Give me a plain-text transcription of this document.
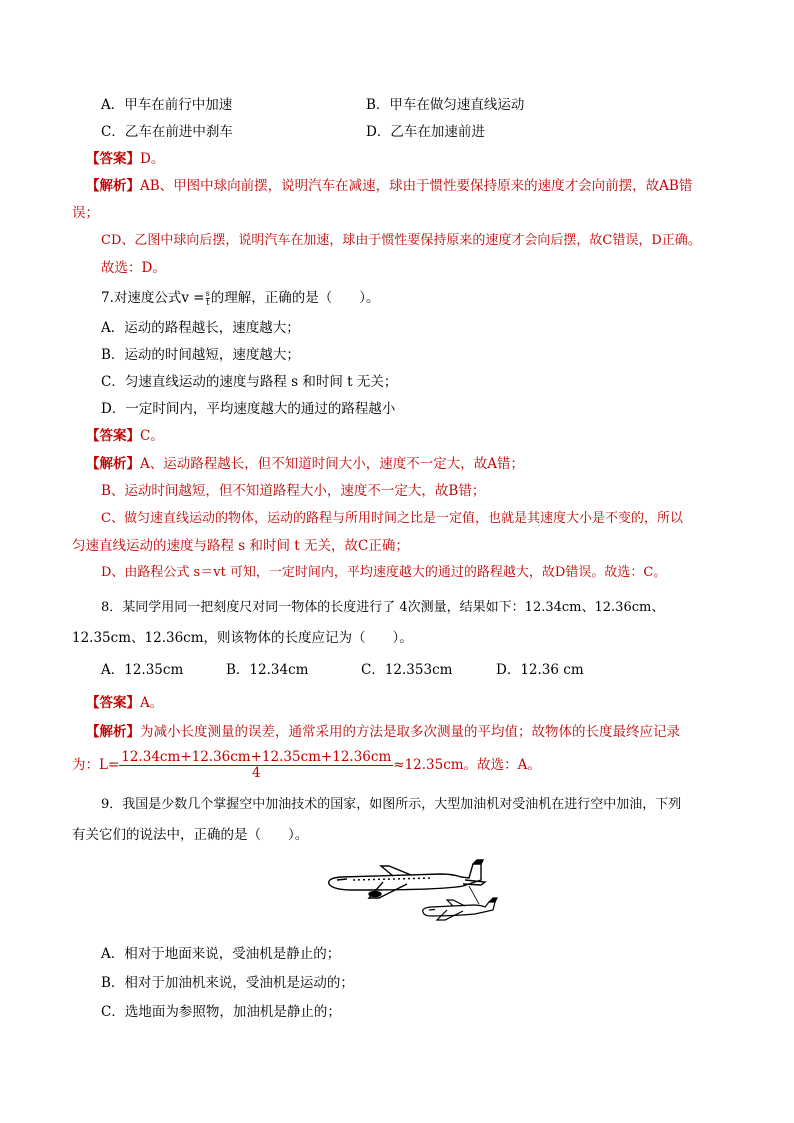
A．甲车在前行中加速	B．甲车在做匀速直线运动
C．乙车在前进中刹车	D．乙车在加速前进
【答案】D。
【解析】AB、甲图中球向前摆，说明汽车在减速，球由于惯性要保持原来的速度才会向前摆，故AB错
误；
CD、乙图中球向后摆，说明汽车在加速，球由于惯性要保持原来的速度才会向后摆，故C错误，D正确。
故选：D。
7.对速度公式$v = \frac{s}{t}$ 的理解，正确的是（　　）。
A．运动的路程越长，速度越大；
B．运动的时间越短，速度越大；
C．匀速直线运动的速度与路程 s 和时间 t 无关；
D．一定时间内，平均速度越大的通过的路程越小
【答案】C。
【解析】A、运动路程越长，但不知道时间大小，速度不一定大，故A错；
B、运动时间越短，但不知道路程大小，速度不一定大，故B错；
C、做匀速直线运动的物体，运动的路程与所用时间之比是一定值，也就是其速度大小是不变的，所以
匀速直线运动的速度与路程 s 和时间 t 无关，故C正确；
D、由路程公式 s＝vt 可知，一定时间内，平均速度越大的通过的路程越大，故D错误。故选：C。
8．某同学用同一把刻度尺对同一物体的长度进行了 4次测量，结果如下：12.34cm、12.36cm、
12.35cm、12.36cm，则该物体的长度应记为（　　）。
A．12.35cm	B．12.34cm	C．12.353cm	D．12.36 cm
【答案】A。
【解析】为减小长度测量的误差，通常采用的方法是取多次测量的平均值；故物体的长度最终应记录
为：$L= \frac{12.34cm+12.36cm+12.35cm+12.36cm}{4} \approx 12.35cm$。故选：A。
9．我国是少数几个掌握空中加油技术的国家，如图所示，大型加油机对受油机在进行空中加油，下列
有关它们的说法中，正确的是（　　）。
A．相对于地面来说，受油机是静止的；
B．相对于加油机来说，受油机是运动的；
C．选地面为参照物，加油机是静止的；
